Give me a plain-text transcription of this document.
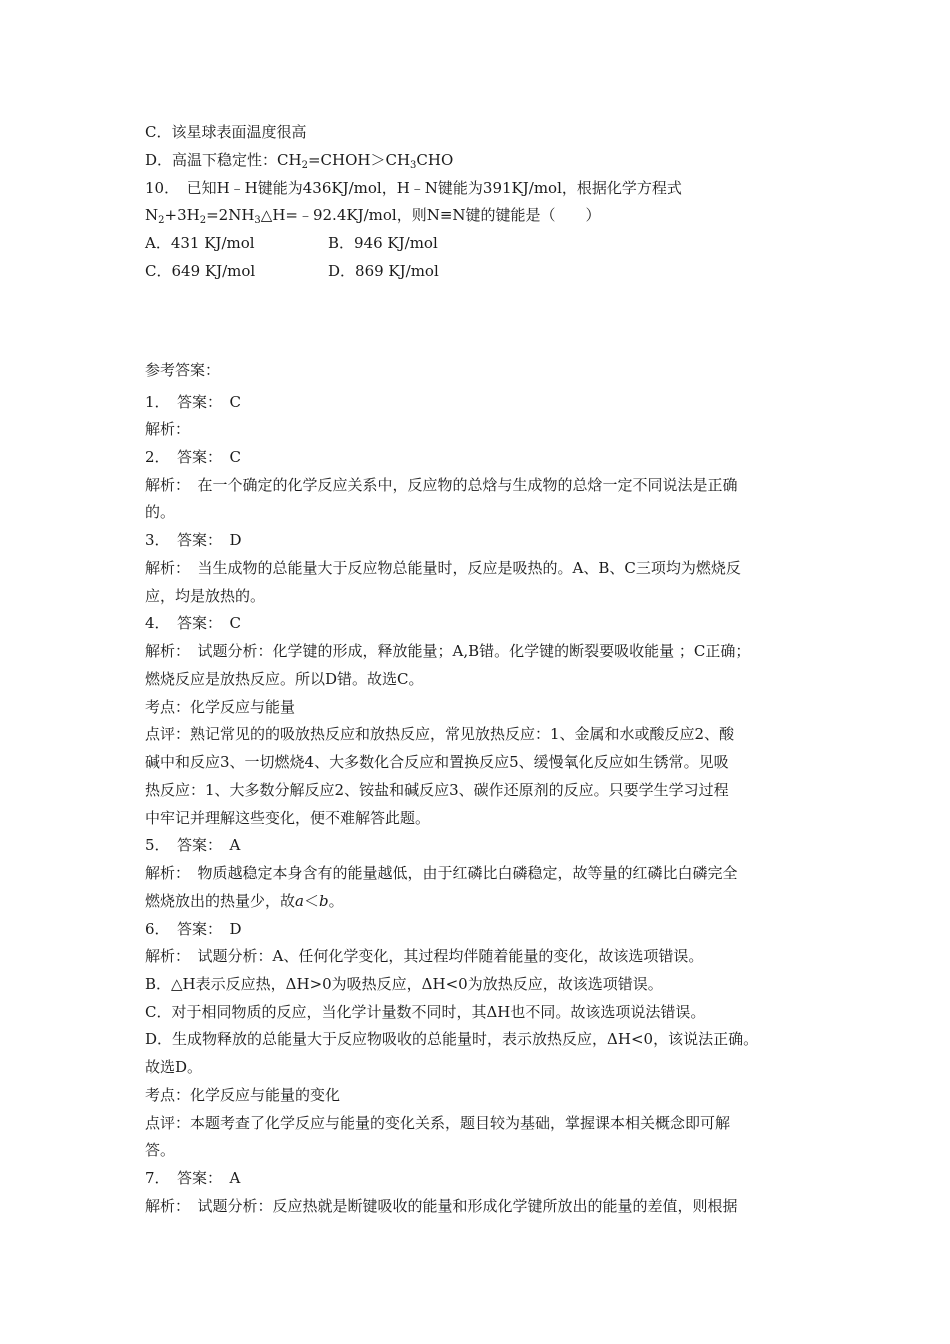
C．该星球表面温度很高
D．高温下稳定性：$CH_2=CHOH>CH_3CHO$
10．　已知H﹣H键能为436KJ/mol，H﹣N键能为391KJ/mol，根据化学方程式
$N_2+3H_2=2NH_3\triangle H=﹣92.4KJ$/mol，则N≡N键的键能是（　　）
A．431 KJ/mol	B．946 KJ/mol
C．649 KJ/mol	D．869 KJ/mol
参考答案：
1．　答案：　C
解析：
2．　答案：　C
解析：　在一个确定的化学反应关系中，反应物的总焓与生成物的总焓一定不同说法是正确
的。
3．　答案：　D
解析：　当生成物的总能量大于反应物总能量时，反应是吸热的。A、B、C三项均为燃烧反
应，均是放热的。
4．　答案：　C
解析：　试题分析：化学键的形成，释放能量；A,B错。化学键的断裂要吸收能量 ；C正确；
燃烧反应是放热反应。所以D错。故选C。
考点：化学反应与能量
点评：熟记常见的的吸放热反应和放热反应，常见放热反应：1、金属和水或酸反应2、酸
碱中和反应3、一切燃烧4、大多数化合反应和置换反应5、缓慢氧化反应如生锈常。见吸
热反应：1、大多数分解反应2、铵盐和碱反应3、碳作还原剂的反应。只要学生学习过程
中牢记并理解这些变化，便不难解答此题。
5．　答案：　A
解析：　物质越稳定本身含有的能量越低，由于红磷比白磷稳定，故等量的红磷比白磷完全
燃烧放出的热量少，故a＜b。
6．　答案：　D
解析：　试题分析：A、任何化学变化，其过程均伴随着能量的变化，故该选项错误。
B．△H表示反应热，ΔH>0为吸热反应，ΔH<0为放热反应，故该选项错误。
C．对于相同物质的反应，当化学计量数不同时，其ΔH也不同。故该选项说法错误。
D．生成物释放的总能量大于反应物吸收的总能量时，表示放热反应，ΔH<0，该说法正确。
故选D。
考点：化学反应与能量的变化
点评：本题考查了化学反应与能量的变化关系，题目较为基础，掌握课本相关概念即可解
答。
7．　答案：　A
解析：　试题分析：反应热就是断键吸收的能量和形成化学键所放出的能量的差值，则根据
